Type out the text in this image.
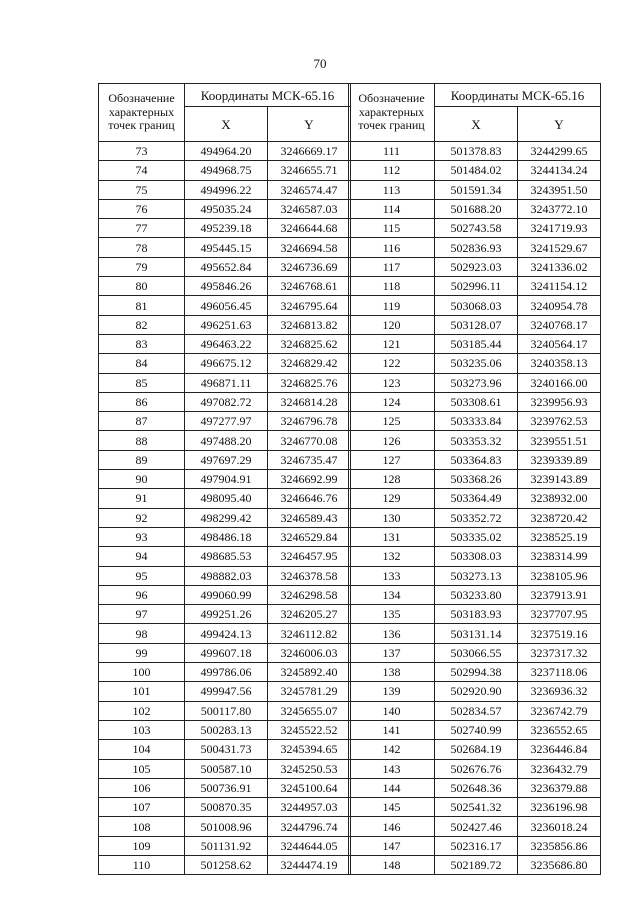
70
Обозначение
характерных
точек границ	Координаты МСК-65.16	
	X	Y
73	494964.20	3246669.17
74	494968.75	3246655.71
75	494996.22	3246574.47
76	495035.24	3246587.03
77	495239.18	3246644.68
78	495445.15	3246694.58
79	495652.84	3246736.69
80	495846.26	3246768.61
81	496056.45	3246795.64
82	496251.63	3246813.82
83	496463.22	3246825.62
84	496675.12	3246829.42
85	496871.11	3246825.76
86	497082.72	3246814.28
87	497277.97	3246796.78
88	497488.20	3246770.08
89	497697.29	3246735.47
90	497904.91	3246692.99
91	498095.40	3246646.76
92	498299.42	3246589.43
93	498486.18	3246529.84
94	498685.53	3246457.95
95	498882.03	3246378.58
96	499060.99	3246298.58
97	499251.26	3246205.27
98	499424.13	3246112.82
99	499607.18	3246006.03
100	499786.06	3245892.40
101	499947.56	3245781.29
102	500117.80	3245655.07
103	500283.13	3245522.52
104	500431.73	3245394.65
105	500587.10	3245250.53
106	500736.91	3245100.64
107	500870.35	3244957.03
108	501008.96	3244796.74
109	501131.92	3244644.05
110	501258.62	3244474.19
Обозначение
характерных
точек границ	Координаты МСК-65.16	
	X	Y
111	501378.83	3244299.65
112	501484.02	3244134.24
113	501591.34	3243951.50
114	501688.20	3243772.10
115	502743.58	3241719.93
116	502836.93	3241529.67
117	502923.03	3241336.02
118	502996.11	3241154.12
119	503068.03	3240954.78
120	503128.07	3240768.17
121	503185.44	3240564.17
122	503235.06	3240358.13
123	503273.96	3240166.00
124	503308.61	3239956.93
125	503333.84	3239762.53
126	503353.32	3239551.51
127	503364.83	3239339.89
128	503368.26	3239143.89
129	503364.49	3238932.00
130	503352.72	3238720.42
131	503335.02	3238525.19
132	503308.03	3238314.99
133	503273.13	3238105.96
134	503233.80	3237913.91
135	503183.93	3237707.95
136	503131.14	3237519.16
137	503066.55	3237317.32
138	502994.38	3237118.06
139	502920.90	3236936.32
140	502834.57	3236742.79
141	502740.99	3236552.65
142	502684.19	3236446.84
143	502676.76	3236432.79
144	502648.36	3236379.88
145	502541.32	3236196.98
146	502427.46	3236018.24
147	502316.17	3235856.86
148	502189.72	3235686.80
